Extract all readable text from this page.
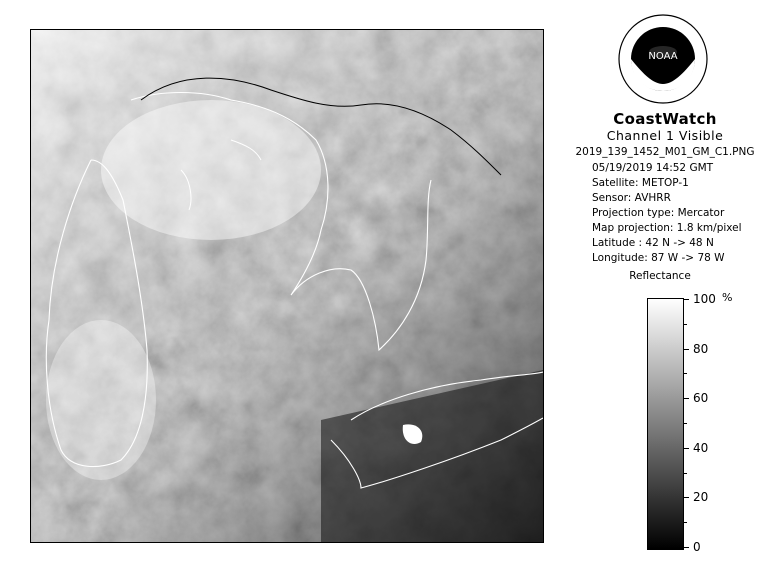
NOAA
CoastWatch
Channel 1 Visible
2019_139_1452_M01_GM_C1.PNG
05/19/2019 14:52 GMT
Satellite: METOP-1
Sensor: AVHRR
Projection type: Mercator
Map projection: 1.8 km/pixel
Latitude : 42 N -> 48 N
Longitude: 87 W -> 78 W
Reflectance
%
0
20
40
60
80
100
